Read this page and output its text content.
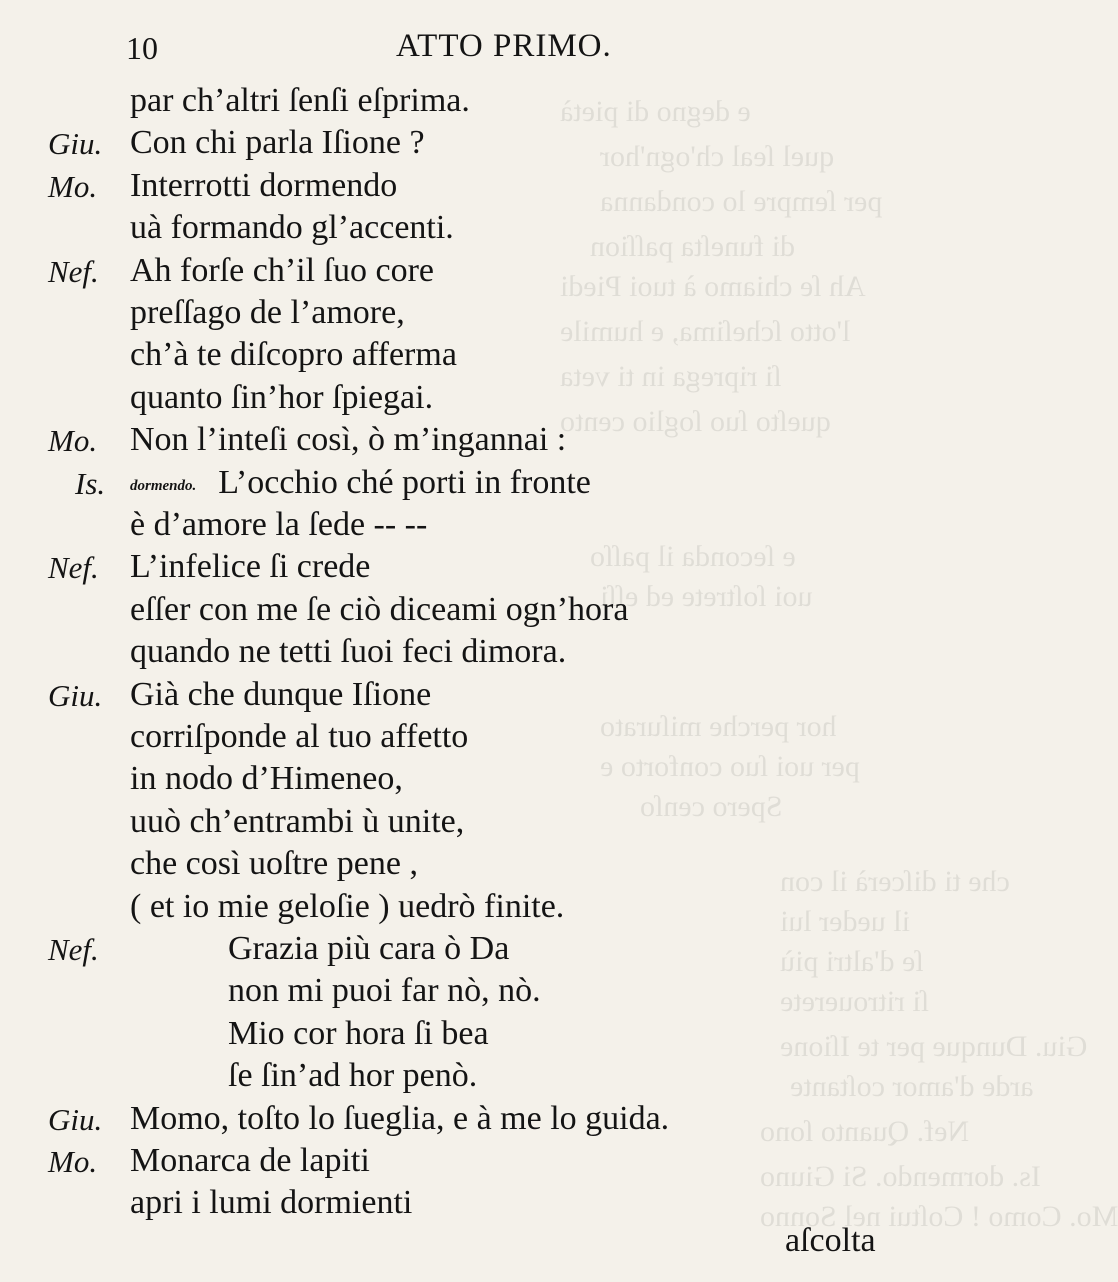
e degno di pietà
quel ſeal ch'ogn'hor
per ſempre lo condanna
di funeſta paſſion
Ah ſe chiamo à tuoi Piedi
l'otto ſcheſima, e humile
ſi riprega in ti veta
queſto ſuo ſoglio cento
e ſeconda il paſſo
uoi ſoſtrete ed eſſi
hor perche miſurato
per uoi ſuo conforto e
Spero cenſo
che ti diſcerà il con
il ueder lui
ſe d'altri più
ſi ritrouerete
Giu. Dunque per te Iſione
arde d'amor coſtante
Nef. Quanto ſono
Is. dormendo. Si Giuno
Mo. Como ! Coſtui nel Sonno
10	ATTO PRIMO.
par ch’altri ſenſi eſprima.
Giu. Con chi parla Iſione ?
Mo. Interrotti dormendo
uà formando gl’accenti.
Nef. Ah forſe ch’il ſuo core
preſſago de l’amore,
ch’à te diſcopro afferma
quanto ſin’hor ſpiegai.
Mo. Non l’inteſi così, ò m’ingannai :
Is. dormendo. L’occhio ché porti in fronte
è d’amore la ſede -- --
Nef. L’infelice ſi crede
eſſer con me ſe ciò diceami ogn’hora
quando ne tetti ſuoi feci dimora.
Giu. Già che dunque Iſione
corriſponde al tuo affetto
in nodo d’Himeneo,
uuò ch’entrambi ù unite,
che così uoſtre pene ,
( et io mie geloſie ) uedrò finite.
Nef.	Grazia più cara ò Da
non mi puoi far nò, nò.
Mio cor hora ſi bea
ſe ſin’ad hor penò.
Giu. Momo, toſto lo ſueglia, e à me lo guida.
Mo. Monarca de lapiti
apri i lumi dormienti
aſcolta
